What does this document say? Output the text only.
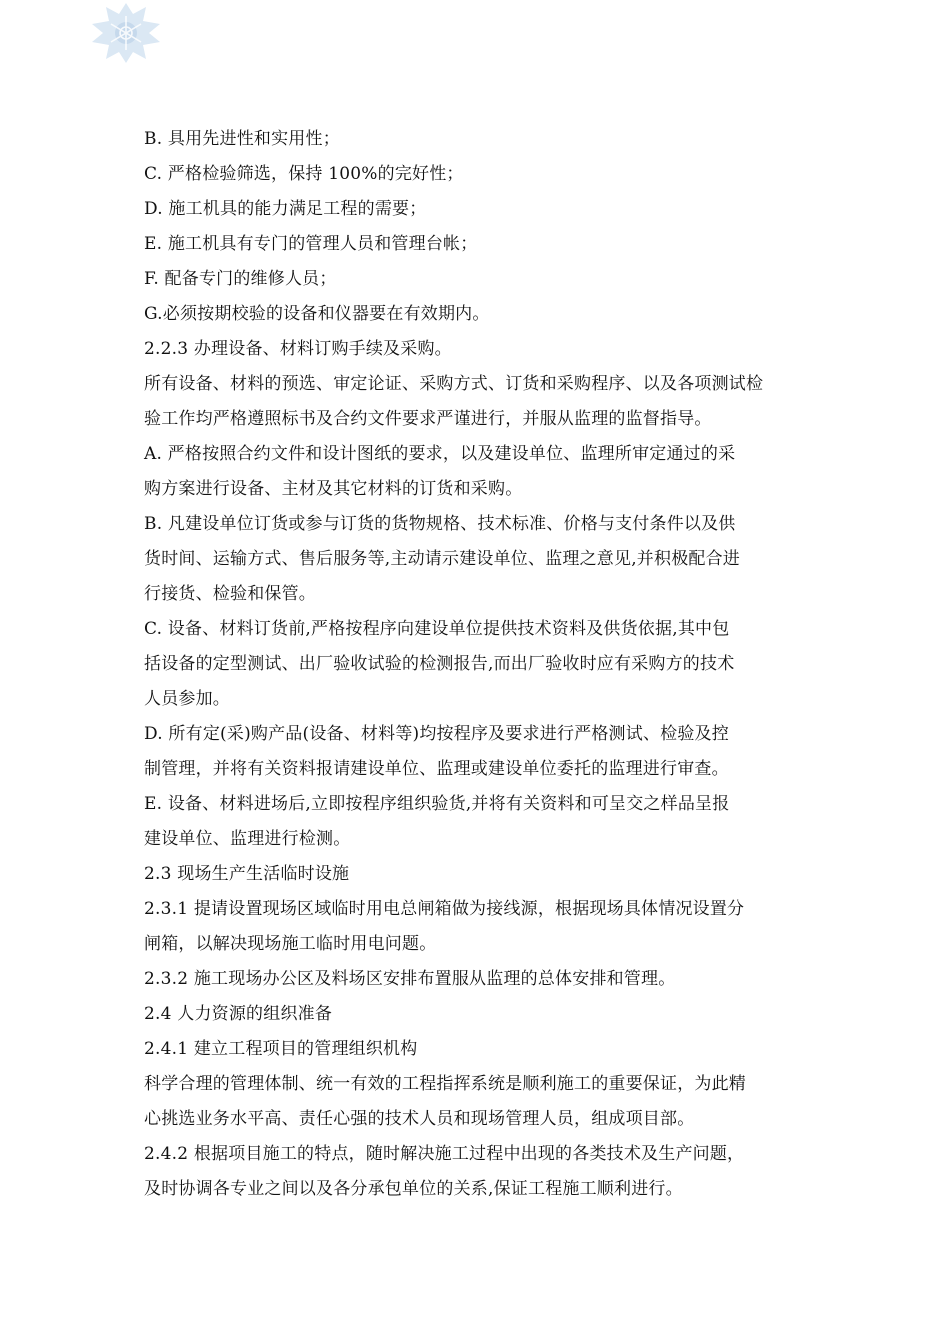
B. 具用先进性和实用性；
C. 严格检验筛选，保持 100%的完好性；
D. 施工机具的能力满足工程的需要；
E. 施工机具有专门的管理人员和管理台帐；
F. 配备专门的维修人员；
G.必须按期校验的设备和仪器要在有效期内。
2.2.3 办理设备、材料订购手续及采购。
所有设备、材料的预选、审定论证、采购方式、订货和采购程序、以及各项测试检
验工作均严格遵照标书及合约文件要求严谨进行，并服从监理的监督指导。
A. 严格按照合约文件和设计图纸的要求，以及建设单位、监理所审定通过的采
购方案进行设备、主材及其它材料的订货和采购。
B. 凡建设单位订货或参与订货的货物规格、技术标准、价格与支付条件以及供
货时间、运输方式、售后服务等,主动请示建设单位、监理之意见,并积极配合进
行接货、检验和保管。
C. 设备、材料订货前,严格按程序向建设单位提供技术资料及供货依据,其中包
括设备的定型测试、出厂验收试验的检测报告,而出厂验收时应有采购方的技术
人员参加。
D. 所有定(采)购产品(设备、材料等)均按程序及要求进行严格测试、检验及控
制管理，并将有关资料报请建设单位、监理或建设单位委托的监理进行审查。
E. 设备、材料进场后,立即按程序组织验货,并将有关资料和可呈交之样品呈报
建设单位、监理进行检测。
2.3 现场生产生活临时设施
2.3.1 提请设置现场区域临时用电总闸箱做为接线源，根据现场具体情况设置分
闸箱，以解决现场施工临时用电问题。
2.3.2 施工现场办公区及料场区安排布置服从监理的总体安排和管理。
2.4 人力资源的组织准备
2.4.1 建立工程项目的管理组织机构
科学合理的管理体制、统一有效的工程指挥系统是顺利施工的重要保证，为此精
心挑选业务水平高、责任心强的技术人员和现场管理人员，组成项目部。
2.4.2 根据项目施工的特点，随时解决施工过程中出现的各类技术及生产问题，
及时协调各专业之间以及各分承包单位的关系,保证工程施工顺利进行。
